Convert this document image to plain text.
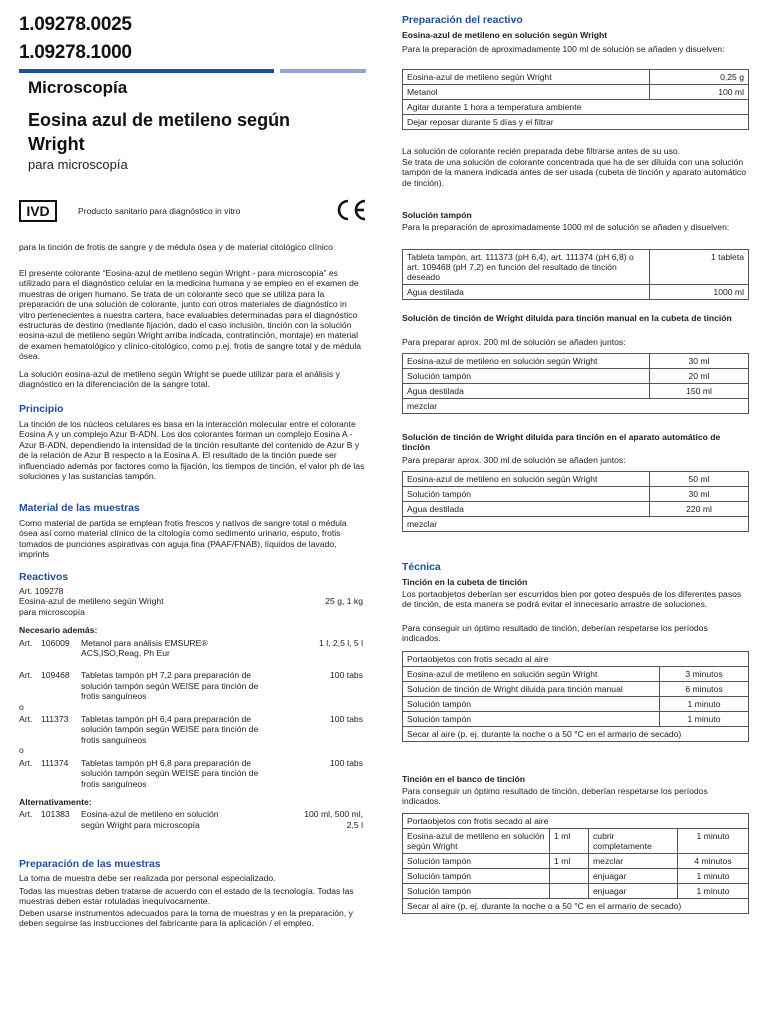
1.09278.0025
1.09278.1000
Microscopía
Eosina azul de metileno según Wright
para microscopía
IVD	Producto sanitario para diagnóstico in vitro
para la tinción de frotis de sangre y de médula ósea y de material citológico clínico
El presente colorante “Eosina-azul de metileno según Wright - para microscopía” es utilizado para el diagnóstico celular en la medicina humana y se empleo en el examen de muestras de origen humano. Se trata de un colorante seco que se utiliza para la preparación de una solución de colorante, junto con otros materiales de diagnóstico in vitro pertenecientes a nuestra cartera, hace evaluables determinadas para el diagnóstico estructuras de destino (mediante fijación, dado el caso inclusión, tinción con la solución eosina-azul de metileno según Wright arriba indicada, contratinción, montaje) en material de examen hematológico y clínico-citológico, como p.ej. frotis de sangre total y de médula ósea.
La solución eosina-azul de metileno según Wright se puede utilizar para el análisis y diagnóstico en la diferenciación de la sangre total.
Principio
La tinción de los núcleos celulares es basa en la interacción molecular entre el colorante Eosina A y un complejo Azur B-ADN. Los dos colorantes forman un complejo Eosina A - Azur B-ADN, dependiendo la intensidad de la tinción resultante del contenido de Azur B y de la relación de Azur B respecto a la Eosina A. El resultado de la tinción puede ser influenciado además por factores como la fijación, los tiempos de tinción, el valor ph de las soluciones y las sustancias tampón.
Material de las muestras
Como material de partida se emplean frotis frescos y nativos de sangre total o médula ósea así como material clínico de la citología como sedimento urinario, esputo, frotis tomados de punciones aspirativas con aguja fina (PAAF/FNAB), líquidos de lavado, imprints
Reactivos
Art. 109278
Eosina-azul de metileno según Wright	25 g, 1 kg
para microscopía
Necesario además:
Art.	106009	Metanol para análisis EMSURE® ACS,ISO,Reag. Ph Eur
1 l, 2,5 l, 5 l
Art.	109468	Tabletas tampón pH 7,2 para preparación de solución tampón según WEISE para tinción de frotis sanguíneos
100 tabs
o
Art.	111373	Tabletas tampón pH 6,4 para preparación de solución tampón según WEISE para tinción de frotis sanguíneos
100 tabs
o
Art.	111374	Tabletas tampón pH 6,8 para preparación de solución tampón según WEISE para tinción de frotis sanguíneos
100 tabs
Alternativamente:
Art.	101383	Eosina-azul de metileno en solución según Wright para microscopía
100 ml, 500 ml, 2,5 l
Preparación de las muestras
La toma de muestra debe ser realizada por personal especializado.
Todas las muestras deben tratarse de acuerdo con el estado de la tecnología. Todas las muestras deben estar rotuladas inequívocamente.
Deben usarse instrumentos adecuados para la toma de muestras y en la preparación, y deben seguirse las instrucciones del fabricante para la aplicación / el empleo.
Preparación del reactivo
Eosina-azul de metileno en solución según Wright
Para la preparación de aproximadamente 100 ml de solución se añaden y disuelven:
Eosina-azul de metileno según Wright	0,25 g
Metanol	100 ml
Agitar durante 1 hora a temperatura ambiente	
Dejar reposar durante 5 días y el filtrar	
La solución de colorante recién preparada debe filtrarse antes de su uso.
Se trata de una solución de colorante concentrada que ha de ser diluida con una solución tampón de la manera indicada antes de ser usada (cubeta de tinción y aparato automático de tinción).
Solución tampón
Para la preparación de aproximadamente 1000 ml de solución se añaden y disuelven:
Tableta tampón, art. 111373 (pH 6,4), art. 111374 (pH 6,8) o art. 109468 (pH 7,2) en función del resultado de tinción deseado	1 tableta
Agua destilada	1000 ml
Solución de tinción de Wright diluida para tinción manual en la cubeta de tinción
Para preparar aprox. 200 ml de solución se añaden juntos:
Eosina-azul de metileno en solución según Wright	30 ml
Solución tampón	20 ml
Agua destilada	150 ml
mezclar	
Solución de tinción de Wright diluida para tinción en el aparato automático de tinción
Para preparar aprox. 300 ml de solución se añaden juntos:
Eosina-azul de metileno en solución según Wright	50 ml
Solución tampón	30 ml
Agua destilada	220 ml
mezclar	
Técnica
Tinción en la cubeta de tinción
Los portaobjetos deberían ser escurridos bien por goteo después de los diferentes pasos de tinción, de esta manera se podrá evitar el innecesario arrastre de soluciones.
Para conseguir un óptimo resultado de tinción, deberían respetarse los períodos indicados.
Portaobjetos con frotis secado al aire	
Eosina-azul de metileno en solución según Wright	3 minutos
Solución de tinción de Wright diluida para tinción manual	6 minutos
Solución tampón	1 minuto
Solución tampón	1 minuto
Secar al aire (p. ej. durante la noche o a 50 °C en el armario de secado)	
Tinción en el banco de tinción
Para conseguir un óptimo resultado de tinción, deberían respetarse los períodos indicados.
Portaobjetos con frotis secado al aire			
Eosina-azul de metileno en solución según Wright	1 ml	cubrir completamente	1 minuto
Solución tampón	1 ml	mezclar	4 minutos
Solución tampón		enjuagar	1 minuto
Solución tampón		enjuagar	1 minuto
Secar al aire (p. ej. durante la noche o a 50 °C en el armario de secado)			
